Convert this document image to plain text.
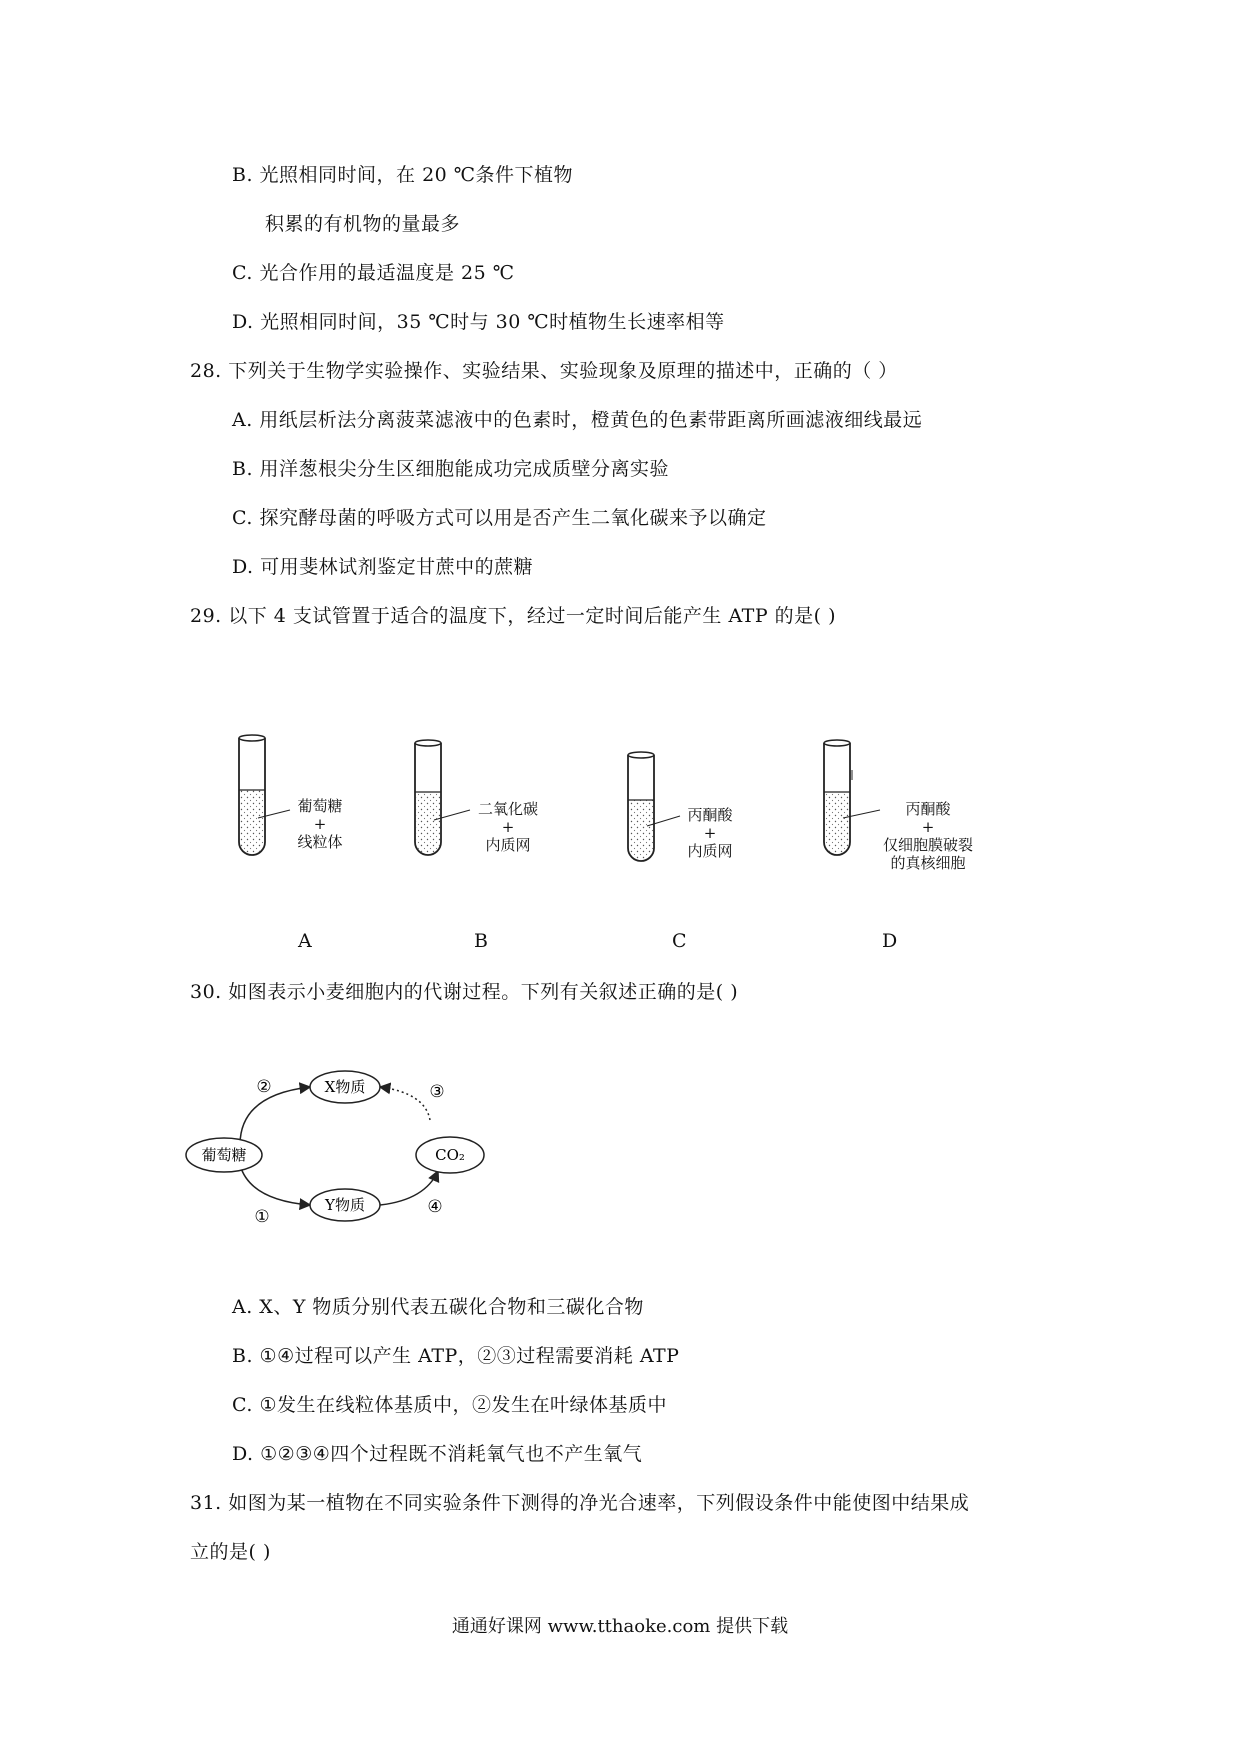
B. 光照相同时间，在 20 ℃条件下植物
积累的有机物的量最多
C. 光合作用的最适温度是 25 ℃
D. 光照相同时间，35 ℃时与 30 ℃时植物生长速率相等
28. 下列关于生物学实验操作、实验结果、实验现象及原理的描述中，正确的（ ）
A. 用纸层析法分离菠菜滤液中的色素时，橙黄色的色素带距离所画滤液细线最远
B. 用洋葱根尖分生区细胞能成功完成质壁分离实验
C. 探究酵母菌的呼吸方式可以用是否产生二氧化碳来予以确定
D. 可用斐林试剂鉴定甘蔗中的蔗糖
29. 以下 4 支试管置于适合的温度下，经过一定时间后能产生 ATP 的是( )
葡萄糖
+
线粒体
二氧化碳
+
内质网
丙酮酸
+
内质网
丙酮酸
+
仅细胞膜破裂
的真核细胞
A	B	C	D
30. 如图表示小麦细胞内的代谢过程。下列有关叙述正确的是( )
X物质
葡萄糖	CO₂
Y物质
②	③
①	④
A. X、Y 物质分别代表五碳化合物和三碳化合物
B. ①④过程可以产生 ATP，②③过程需要消耗 ATP
C. ①发生在线粒体基质中，②发生在叶绿体基质中
D. ①②③④四个过程既不消耗氧气也不产生氧气
31. 如图为某一植物在不同实验条件下测得的净光合速率，下列假设条件中能使图中结果成
立的是( )
通通好课网 www.tthaoke.com 提供下载
